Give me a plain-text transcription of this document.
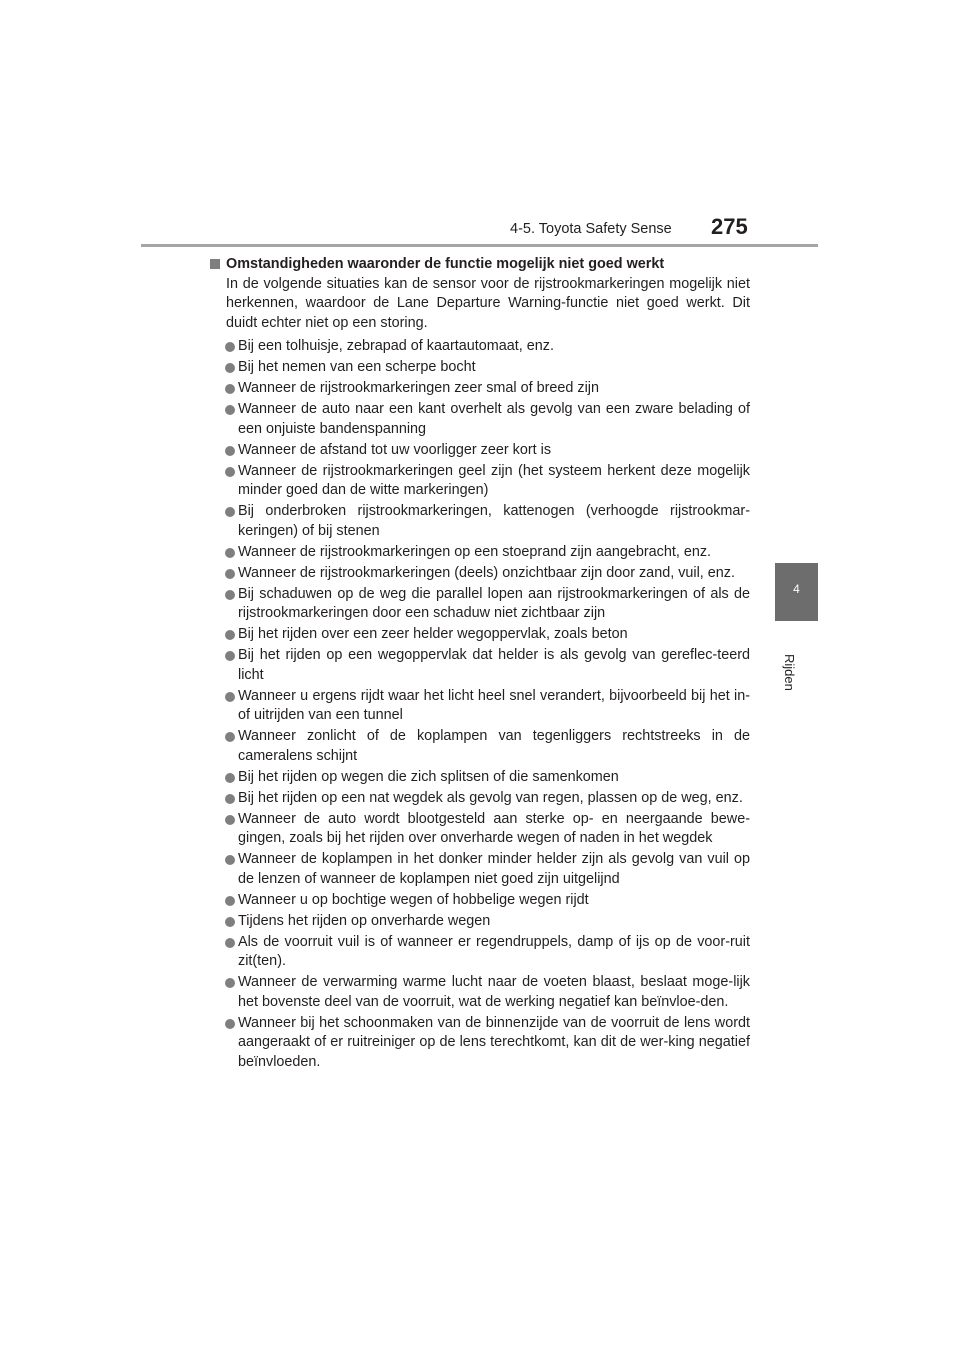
4-5. Toyota Safety Sense 275
4
Rijden
Omstandigheden waaronder de functie mogelijk niet goed werkt

In de volgende situaties kan de sensor voor de rijstrookmarkeringen mogelijk niet herkennen, waardoor de Lane Departure Warning-functie niet goed werkt. Dit duidt echter niet op een storing.

Bij een tolhuisje, zebrapad of kaartautomaat, enz.
Bij het nemen van een scherpe bocht
Wanneer de rijstrookmarkeringen zeer smal of breed zijn
Wanneer de auto naar een kant overhelt als gevolg van een zware belading of een onjuiste bandenspanning
Wanneer de afstand tot uw voorligger zeer kort is
Wanneer de rijstrookmarkeringen geel zijn (het systeem herkent deze mogelijk minder goed dan de witte markeringen)
Bij onderbroken rijstrookmarkeringen, kattenogen (verhoogde rijstrookmar-keringen) of bij stenen
Wanneer de rijstrookmarkeringen op een stoeprand zijn aangebracht, enz.
Wanneer de rijstrookmarkeringen (deels) onzichtbaar zijn door zand, vuil, enz.
Bij schaduwen op de weg die parallel lopen aan rijstrookmarkeringen of als de rijstrookmarkeringen door een schaduw niet zichtbaar zijn
Bij het rijden over een zeer helder wegoppervlak, zoals beton
Bij het rijden op een wegoppervlak dat helder is als gevolg van gereflec-teerd licht
Wanneer u ergens rijdt waar het licht heel snel verandert, bijvoorbeeld bij het in- of uitrijden van een tunnel
Wanneer zonlicht of de koplampen van tegenliggers rechtstreeks in de cameralens schijnt
Bij het rijden op wegen die zich splitsen of die samenkomen
Bij het rijden op een nat wegdek als gevolg van regen, plassen op de weg, enz.
Wanneer de auto wordt blootgesteld aan sterke op- en neergaande bewe-gingen, zoals bij het rijden over onverharde wegen of naden in het wegdek
Wanneer de koplampen in het donker minder helder zijn als gevolg van vuil op de lenzen of wanneer de koplampen niet goed zijn uitgelijnd
Wanneer u op bochtige wegen of hobbelige wegen rijdt
Tijdens het rijden op onverharde wegen
Als de voorruit vuil is of wanneer er regendruppels, damp of ijs op de voor-ruit zit(ten).
Wanneer de verwarming warme lucht naar de voeten blaast, beslaat moge-lijk het bovenste deel van de voorruit, wat de werking negatief kan beïnvloe-den.
Wanneer bij het schoonmaken van de binnenzijde van de voorruit de lens wordt aangeraakt of er ruitreiniger op de lens terechtkomt, kan dit de wer-king negatief beïnvloeden.
